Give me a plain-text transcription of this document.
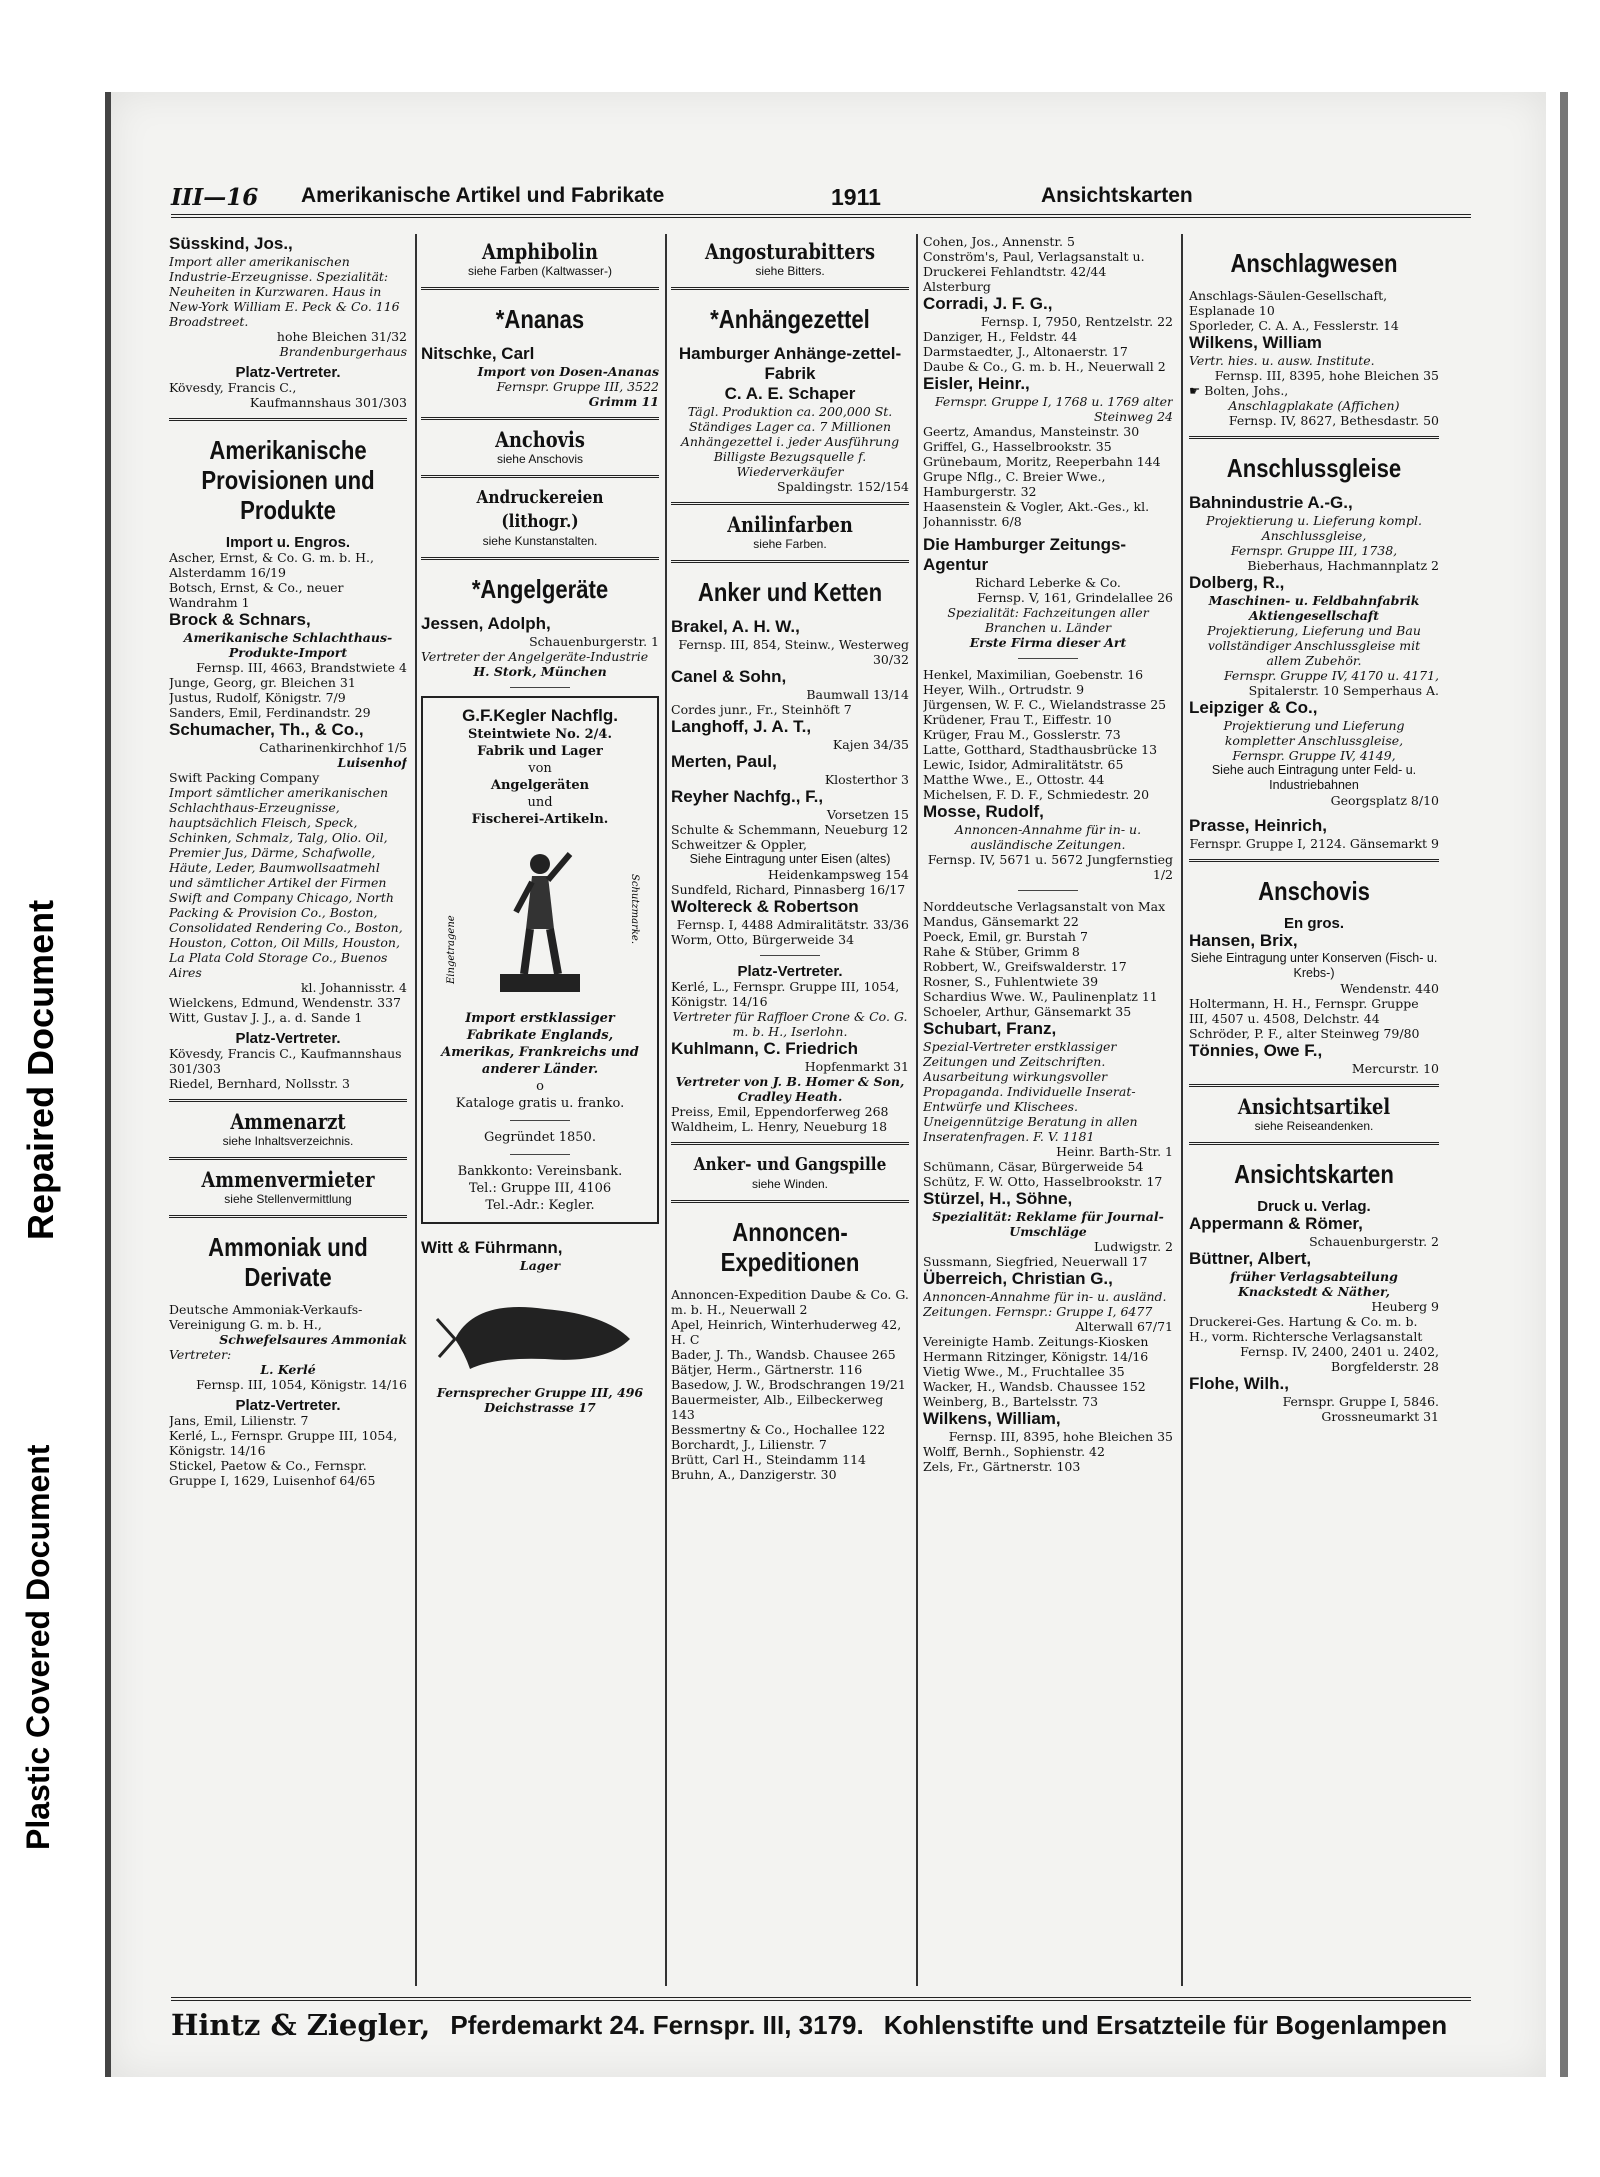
Repaired Document
Plastic Covered Document
III—16 Amerikanische Artikel und Fabrikate	1911	Ansichtskarten
Süsskind, Jos.,
Import aller amerikanischen Industrie-Erzeugnisse. Spezialität: Neuheiten in Kurzwaren. Haus in New-York William E. Peck & Co. 116 Broadstreet.
hohe Bleichen 31/32
Brandenburgerhaus
Platz-Vertreter.
Kövesdy, Francis C.,
Kaufmannshaus 301/303
Amerikanische Provisionen und Produkte
Import u. Engros.
Ascher, Ernst, & Co. G. m. b. H., Alsterdamm 16/19
Botsch, Ernst, & Co., neuer Wandrahm 1
Brock & Schnars,
Amerikanische Schlachthaus-Produkte-Import
Fernsp. III, 4663, Brandstwiete 4
Junge, Georg, gr. Bleichen 31
Justus, Rudolf, Königstr. 7/9
Sanders, Emil, Ferdinandstr. 29
Schumacher, Th., & Co.,
Catharinenkirchhof 1/5
Luisenhof
Swift Packing Company
Import sämtlicher amerikanischen Schlachthaus-Erzeugnisse, hauptsächlich Fleisch, Speck, Schinken, Schmalz, Talg, Olio. Oil, Premier Jus, Därme, Schafwolle, Häute, Leder, Baumwollsaatmehl und sämtlicher Artikel der Firmen Swift and Company Chicago, North Packing & Provision Co., Boston, Consolidated Rendering Co., Boston, Houston, Cotton, Oil Mills, Houston, La Plata Cold Storage Co., Buenos Aires
kl. Johannisstr. 4
Wielckens, Edmund, Wendenstr. 337
Witt, Gustav J. J., a. d. Sande 1
Platz-Vertreter.
Kövesdy, Francis C., Kaufmannshaus 301/303
Riedel, Bernhard, Nollsstr. 3
Ammenarzt
siehe Inhaltsverzeichnis.
Ammenvermieter
siehe Stellenvermittlung
Ammoniak und Derivate
Deutsche Ammoniak-Verkaufs-Vereinigung G. m. b. H.,
Schwefelsaures Ammoniak
Vertreter:
L. Kerlé
Fernsp. III, 1054, Königstr. 14/16
Platz-Vertreter.
Jans, Emil, Lilienstr. 7
Kerlé, L., Fernspr. Gruppe III, 1054, Königstr. 14/16
Stickel, Paetow & Co., Fernspr. Gruppe I, 1629, Luisenhof 64/65
Amphibolin
siehe Farben (Kaltwasser-)
*Ananas
Nitschke, Carl
Import von Dosen-Ananas
Fernspr. Gruppe III, 3522
Grimm 11
Anchovis
siehe Anschovis
Andruckereien (lithogr.)
siehe Kunstanstalten.
*Angelgeräte
Jessen, Adolph,
Schauenburgerstr. 1
Vertreter der Angelgeräte-Industrie
H. Stork, München
G.F.Kegler Nachflg.
Steintwiete No. 2/4.
Fabrik und Lager
von
Angelgeräten
und
Fischerei-Artikeln.
Eingetragene
Schutzmarke.
Import erstklassiger Fabrikate Englands, Amerikas, Frankreichs und anderer Länder.
o
Kataloge gratis u. franko.
Gegründet 1850.
Bankkonto: Vereinsbank.
Tel.: Gruppe III, 4106
Tel.-Adr.: Kegler.
Witt & Führmann,
Lager
Fernsprecher Gruppe III, 496
Deichstrasse 17
Angosturabitters
siehe Bitters.
*Anhängezettel
Hamburger Anhänge-zettel-Fabrik
C. A. E. Schaper
Tägl. Produktion ca. 200,000 St. Ständiges Lager ca. 7 Millionen Anhängezettel i. jeder Ausführung Billigste Bezugsquelle f. Wiederverkäufer
Spaldingstr. 152/154
Anilinfarben
siehe Farben.
Anker und Ketten
Brakel, A. H. W.,
Fernsp. III, 854, Steinw., Westerweg 30/32
Canel & Sohn,
Baumwall 13/14
Cordes junr., Fr., Steinhöft 7
Langhoff, J. A. T.,
Kajen 34/35
Merten, Paul,
Klosterthor 3
Reyher Nachfg., F.,
Vorsetzen 15
Schulte & Schemmann, Neueburg 12
Schweitzer & Oppler,
Siehe Eintragung unter Eisen (altes)
Heidenkampsweg 154
Sundfeld, Richard, Pinnasberg 16/17
Woltereck & Robertson
Fernsp. I, 4488 Admiralitätstr. 33/36
Worm, Otto, Bürgerweide 34
Platz-Vertreter.
Kerlé, L., Fernspr. Gruppe III, 1054, Königstr. 14/16
Vertreter für Raffloer Crone & Co. G. m. b. H., Iserlohn.
Kuhlmann, C. Friedrich
Hopfenmarkt 31
Vertreter von J. B. Homer & Son, Cradley Heath.
Preiss, Emil, Eppendorferweg 268
Waldheim, L. Henry, Neueburg 18
Anker- und Gangspille
siehe Winden.
Annoncen-Expeditionen
Annoncen-Expedition Daube & Co. G. m. b. H., Neuerwall 2
Apel, Heinrich, Winterhuderweg 42, H. C
Bader, J. Th., Wandsb. Chausee 265
Bätjer, Herm., Gärtnerstr. 116
Basedow, J. W., Brodschrangen 19/21
Bauermeister, Alb., Eilbeckerweg 143
Bessmertny & Co., Hochallee 122
Borchardt, J., Lilienstr. 7
Brütt, Carl H., Steindamm 114
Bruhn, A., Danzigerstr. 30
Cohen, Jos., Annenstr. 5
Conström's, Paul, Verlagsanstalt u. Druckerei Fehlandtstr. 42/44 Alsterburg
Corradi, J. F. G.,
Fernsp. I, 7950, Rentzelstr. 22
Danziger, H., Feldstr. 44
Darmstaedter, J., Altonaerstr. 17
Daube & Co., G. m. b. H., Neuerwall 2
Eisler, Heinr.,
Fernspr. Gruppe I, 1768 u. 1769 alter Steinweg 24
Geertz, Amandus, Mansteinstr. 30
Griffel, G., Hasselbrookstr. 35
Grünebaum, Moritz, Reeperbahn 144
Grupe Nflg., C. Breier Wwe., Hamburgerstr. 32
Haasenstein & Vogler, Akt.-Ges., kl. Johannisstr. 6/8
Die Hamburger Zeitungs-Agentur
Richard Leberke & Co.
Fernsp. V, 161, Grindelallee 26
Spezialität: Fachzeitungen aller Branchen u. Länder
Erste Firma dieser Art
Henkel, Maximilian, Goebenstr. 16
Heyer, Wilh., Ortrudstr. 9
Jürgensen, W. F. C., Wielandstrasse 25
Krüdener, Frau T., Eiffestr. 10
Krüger, Frau M., Gosslerstr. 73
Latte, Gotthard, Stadthausbrücke 13
Lewic, Isidor, Admiralitätstr. 65
Matthe Wwe., E., Ottostr. 44
Michelsen, F. D. F., Schmiedestr. 20
Mosse, Rudolf,
Annoncen-Annahme für in- u. ausländische Zeitungen.
Fernsp. IV, 5671 u. 5672 Jungfernstieg 1/2
Norddeutsche Verlagsanstalt von Max Mandus, Gänsemarkt 22
Poeck, Emil, gr. Burstah 7
Rahe & Stüber, Grimm 8
Robbert, W., Greifswalderstr. 17
Rosner, S., Fuhlentwiete 39
Schardius Wwe. W., Paulinenplatz 11
Schoeler, Arthur, Gänsemarkt 35
Schubart, Franz,
Spezial-Vertreter erstklassiger Zeitungen und Zeitschriften. Ausarbeitung wirkungsvoller Propaganda. Individuelle Inserat-Entwürfe und Klischees. Uneigennützige Beratung in allen Inseratenfragen. F. V. 1181
Heinr. Barth-Str. 1
Schümann, Cäsar, Bürgerweide 54
Schütz, F. W. Otto, Hasselbrookstr. 17
Stürzel, H., Söhne,
Spezialität: Reklame für Journal-Umschläge
Ludwigstr. 2
Sussmann, Siegfried, Neuerwall 17
Überreich, Christian G.,
Annoncen-Annahme für in- u. ausländ. Zeitungen. Fernspr.: Gruppe I, 6477
Alterwall 67/71
Vereinigte Hamb. Zeitungs-Kiosken Hermann Ritzinger, Königstr. 14/16
Vietig Wwe., M., Fruchtallee 35
Wacker, H., Wandsb. Chaussee 152
Weinberg, B., Bartelsstr. 73
Wilkens, William,
Fernsp. III, 8395, hohe Bleichen 35
Wolff, Bernh., Sophienstr. 42
Zels, Fr., Gärtnerstr. 103
Anschlagwesen
Anschlags-Säulen-Gesellschaft, Esplanade 10
Sporleder, C. A. A., Fesslerstr. 14
Wilkens, William
Vertr. hies. u. ausw. Institute.
Fernsp. III, 8395, hohe Bleichen 35
☛ Bolten, Johs.,
Anschlagplakate (Affichen)
Fernsp. IV, 8627, Bethesdastr. 50
Anschlussgleise
Bahnindustrie A.-G.,
Projektierung u. Lieferung kompl. Anschlussgleise,
Fernspr. Gruppe III, 1738,
Bieberhaus, Hachmannplatz 2
Dolberg, R.,
Maschinen- u. Feldbahnfabrik Aktiengesellschaft
Projektierung, Lieferung und Bau vollständiger Anschlussgleise mit allem Zubehör.
Fernspr. Gruppe IV, 4170 u. 4171,
Spitalerstr. 10 Semperhaus A.
Leipziger & Co.,
Projektierung und Lieferung kompletter Anschlussgleise,
Fernspr. Gruppe IV, 4149,
Siehe auch Eintragung unter Feld- u. Industriebahnen
Georgsplatz 8/10
Prasse, Heinrich,
Fernspr. Gruppe I, 2124. Gänsemarkt 9
Anschovis
En gros.
Hansen, Brix,
Siehe Eintragung unter Konserven (Fisch- u. Krebs-)
Wendenstr. 440
Holtermann, H. H., Fernspr. Gruppe III, 4507 u. 4508, Delchstr. 44
Schröder, P. F., alter Steinweg 79/80
Tönnies, Owe F.,
Mercurstr. 10
Ansichtsartikel
siehe Reiseandenken.
Ansichtskarten
Druck u. Verlag.
Appermann & Römer,
Schauenburgerstr. 2
Büttner, Albert,
früher Verlagsabteilung Knackstedt & Näther,
Heuberg 9
Druckerei-Ges. Hartung & Co. m. b. H., vorm. Richtersche Verlagsanstalt
Fernsp. IV, 2400, 2401 u. 2402, Borgfelderstr. 28
Flohe, Wilh.,
Fernspr. Gruppe I, 5846. Grossneumarkt 31
Hintz & Ziegler, Pferdemarkt 24. Fernspr. III, 3179. Kohlenstifte und Ersatzteile für Bogenlampen
